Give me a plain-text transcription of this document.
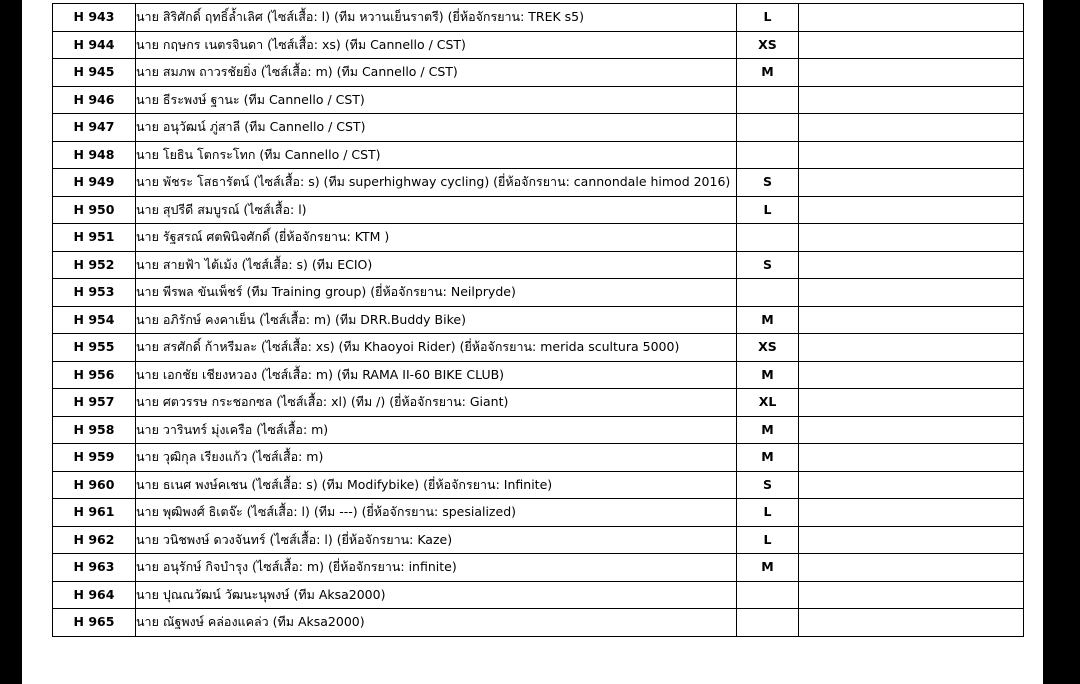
H 943	นาย สิริศักดิ์ ฤทธิ์ล้ำเลิศ (ไซส์เสื้อ: l) (ทีม หวานเย็นราตรี) (ยี่ห้อจักรยาน: TREK s5)	L	
H 944	นาย กฤษกร เนตรจินดา (ไซส์เสื้อ: xs) (ทีม Cannello / CST)	XS	
H 945	นาย สมภพ ถาวรชัยยิ่ง (ไซส์เสื้อ: m) (ทีม Cannello / CST)	M	
H 946	นาย ธีระพงษ์ ฐานะ (ทีม Cannello / CST)		
H 947	นาย อนุวัฒน์ ภู่สาลี (ทีม Cannello / CST)		
H 948	นาย โยธิน โตกระโทก (ทีม Cannello / CST)		
H 949	นาย พัชระ โสธารัตน์ (ไซส์เสื้อ: s) (ทีม superhighway cycling) (ยี่ห้อจักรยาน: cannondale himod 2016)	S	
H 950	นาย สุปรีดี สมบูรณ์ (ไซส์เสื้อ: l)	L	
H 951	นาย รัฐสรณ์ ศตพินิจศักดิ์ (ยี่ห้อจักรยาน: KTM )		
H 952	นาย สายฟ้า ไต้เม้ง (ไซส์เสื้อ: s) (ทีม ECIO)	S	
H 953	นาย พีรพล ขันเพ็ชร์ (ทีม Training group) (ยี่ห้อจักรยาน: Neilpryde)		
H 954	นาย อภิรักษ์ คงคาเย็น (ไซส์เสื้อ: m) (ทีม DRR.Buddy Bike)	M	
H 955	นาย สรศักดิ์ ก้าหรีมละ (ไซส์เสื้อ: xs) (ทีม Khaoyoi Rider) (ยี่ห้อจักรยาน: merida scultura 5000)	XS	
H 956	นาย เอกชัย เชียงหวอง (ไซส์เสื้อ: m) (ทีม RAMA II-60 BIKE CLUB)	M	
H 957	นาย ศตวรรษ กระชอกซล (ไซส์เสื้อ: xl) (ทีม /) (ยี่ห้อจักรยาน: Giant)	XL	
H 958	นาย วารินทร์ มุ่งเครือ (ไซส์เสื้อ: m)	M	
H 959	นาย วุฒิกุล เรียงแก้ว (ไซส์เสื้อ: m)	M	
H 960	นาย ธเนศ พงษ์คเชน (ไซส์เสื้อ: s) (ทีม Modifybike) (ยี่ห้อจักรยาน: Infinite)	S	
H 961	นาย พุฒิพงศ์ ธิเตจ๊ะ (ไซส์เสื้อ: l) (ทีม ---) (ยี่ห้อจักรยาน: spesialized)	L	
H 962	นาย วนิชพงษ์ ดวงจันทร์ (ไซส์เสื้อ: l) (ยี่ห้อจักรยาน: Kaze)	L	
H 963	นาย อนุรักษ์ กิจบำรุง (ไซส์เสื้อ: m) (ยี่ห้อจักรยาน: infinite)	M	
H 964	นาย ปุณณวัฒน์ วัฒนะนุพงษ์ (ทีม Aksa2000)		
H 965	นาย ณัฐพงษ์ คล่องแคล่ว (ทีม Aksa2000)		
